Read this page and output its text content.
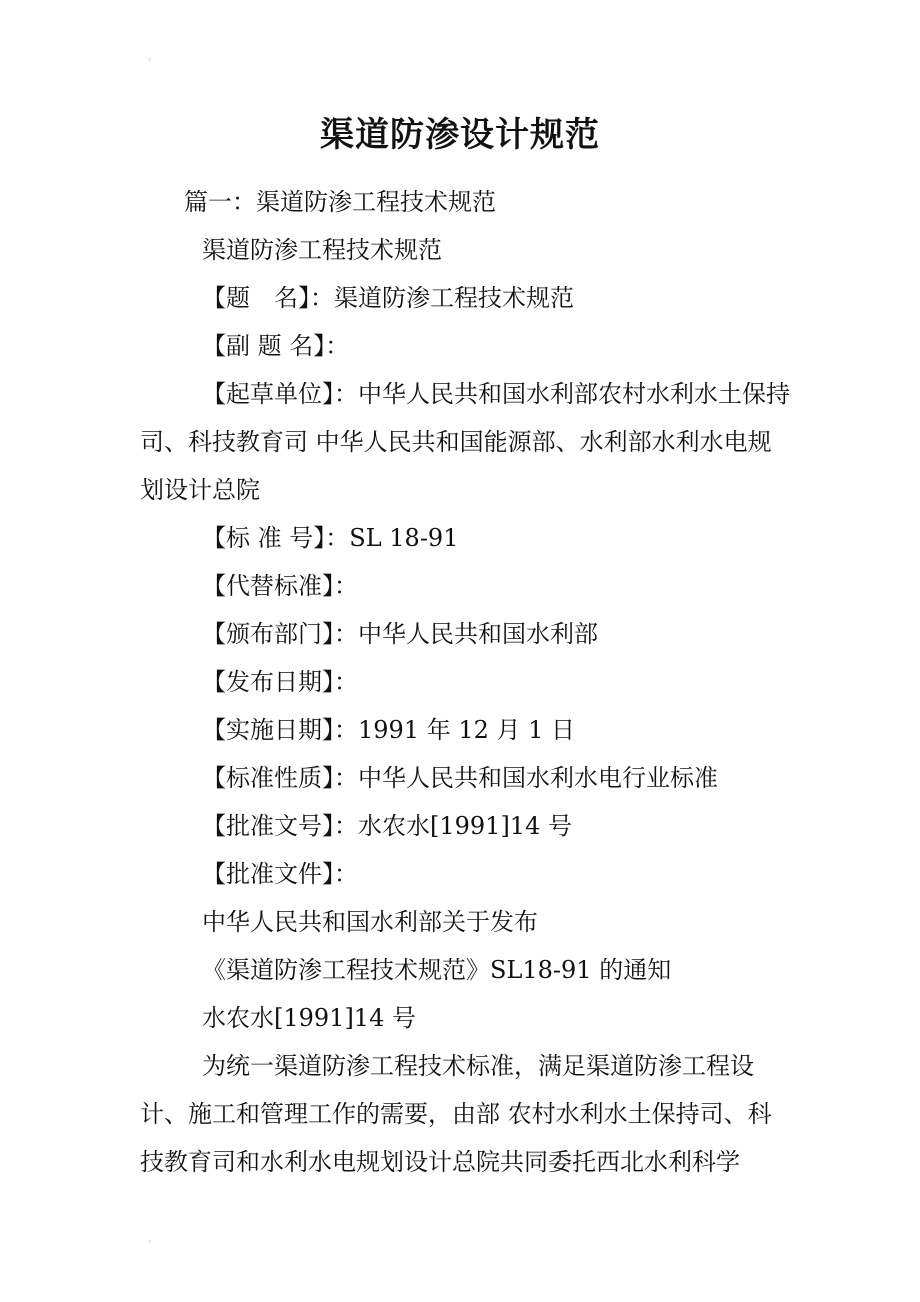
渠道防渗设计规范

篇一：渠道防渗工程技术规范

渠道防渗工程技术规范

【题　名】：渠道防渗工程技术规范

【副 题 名】：

【起草单位】：中华人民共和国水利部农村水利水土保持司、科技教育司 中华人民共和国能源部、水利部水利水电规划设计总院

【标 准 号】：SL 18-91

【代替标准】：

【颁布部门】：中华人民共和国水利部

【发布日期】：

【实施日期】：1991 年 12 月 1 日

【标准性质】：中华人民共和国水利水电行业标准

【批准文号】：水农水[1991]14 号

【批准文件】：

中华人民共和国水利部关于发布

《渠道防渗工程技术规范》SL18-91 的通知

水农水[1991]14 号

为统一渠道防渗工程技术标准，满足渠道防渗工程设计、施工和管理工作的需要，由部 农村水利水土保持司、科技教育司和水利水电规划设计总院共同委托西北水利科学
